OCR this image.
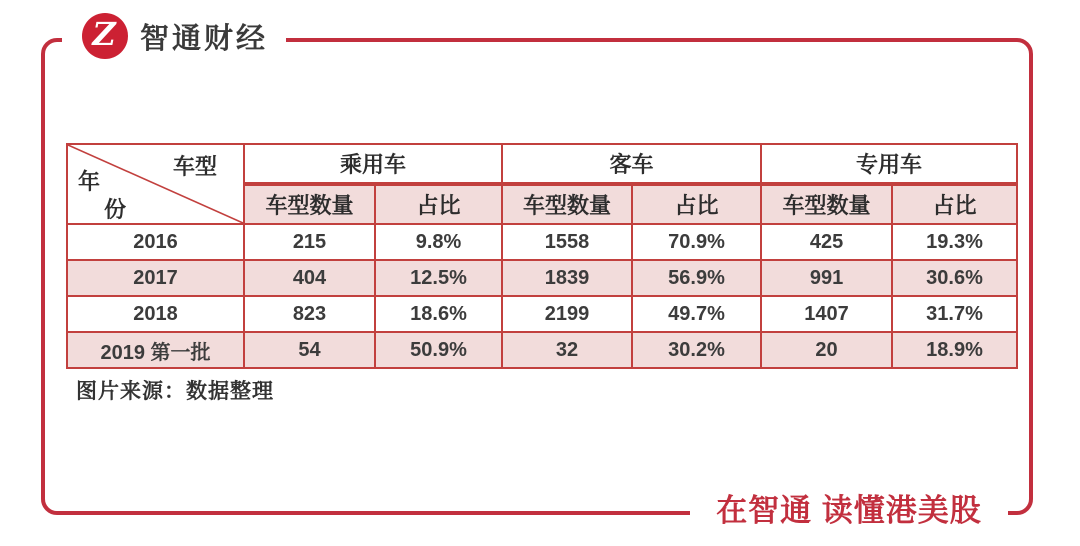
Z 智通财经
车型
年
份	乘用车		客车		专用车	
	车型数量	占比	车型数量	占比	车型数量	占比
2016	215	9.8%	1558	70.9%	425	19.3%
2017	404	12.5%	1839	56.9%	991	30.6%
2018	823	18.6%	2199	49.7%	1407	31.7%
2019 第一批	54	50.9%	32	30.2%	20	18.9%
图片来源：数据整理
在智通 读懂港美股
